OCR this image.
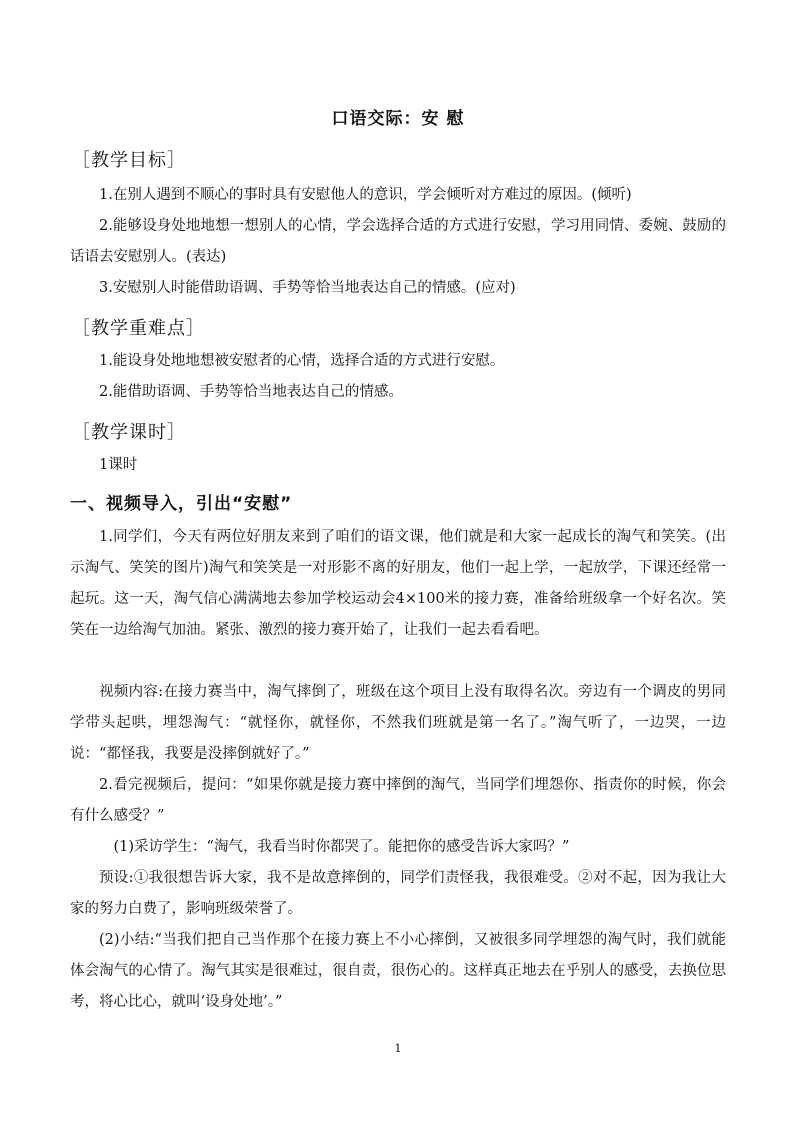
口语交际：安 慰
［教学目标］
1.在别人遇到不顺心的事时具有安慰他人的意识，学会倾听对方难过的原因。(倾听)
2.能够设身处地地想一想别人的心情，学会选择合适的方式进行安慰，学习用同情、委婉、鼓励的话语去安慰别人。(表达)
3.安慰别人时能借助语调、手势等恰当地表达自己的情感。(应对)
［教学重难点］
1.能设身处地地想被安慰者的心情，选择合适的方式进行安慰。
2.能借助语调、手势等恰当地表达自己的情感。
［教学课时］
1课时
一、视频导入，引出“安慰”
1.同学们，今天有两位好朋友来到了咱们的语文课，他们就是和大家一起成长的淘气和笑笑。(出示淘气、笑笑的图片)淘气和笑笑是一对形影不离的好朋友，他们一起上学，一起放学，下课还经常一起玩。这一天，淘气信心满满地去参加学校运动会4×100米的接力赛，准备给班级拿一个好名次。笑笑在一边给淘气加油。紧张、激烈的接力赛开始了，让我们一起去看看吧。
视频内容:在接力赛当中，淘气摔倒了，班级在这个项目上没有取得名次。旁边有一个调皮的男同学带头起哄，埋怨淘气：“就怪你，就怪你，不然我们班就是第一名了。”淘气听了，一边哭，一边说：“都怪我，我要是没摔倒就好了。”
2.看完视频后，提问：“如果你就是接力赛中摔倒的淘气，当同学们埋怨你、指责你的时候，你会有什么感受？”
(1)采访学生：“淘气，我看当时你都哭了。能把你的感受告诉大家吗？”
预设:①我很想告诉大家，我不是故意摔倒的，同学们责怪我，我很难受。②对不起，因为我让大家的努力白费了，影响班级荣誉了。
(2)小结:“当我们把自己当作那个在接力赛上不小心摔倒，又被很多同学埋怨的淘气时，我们就能体会淘气的心情了。淘气其实是很难过，很自责，很伤心的。这样真正地去在乎别人的感受，去换位思考，将心比心，就叫‘设身处地’。”
1
